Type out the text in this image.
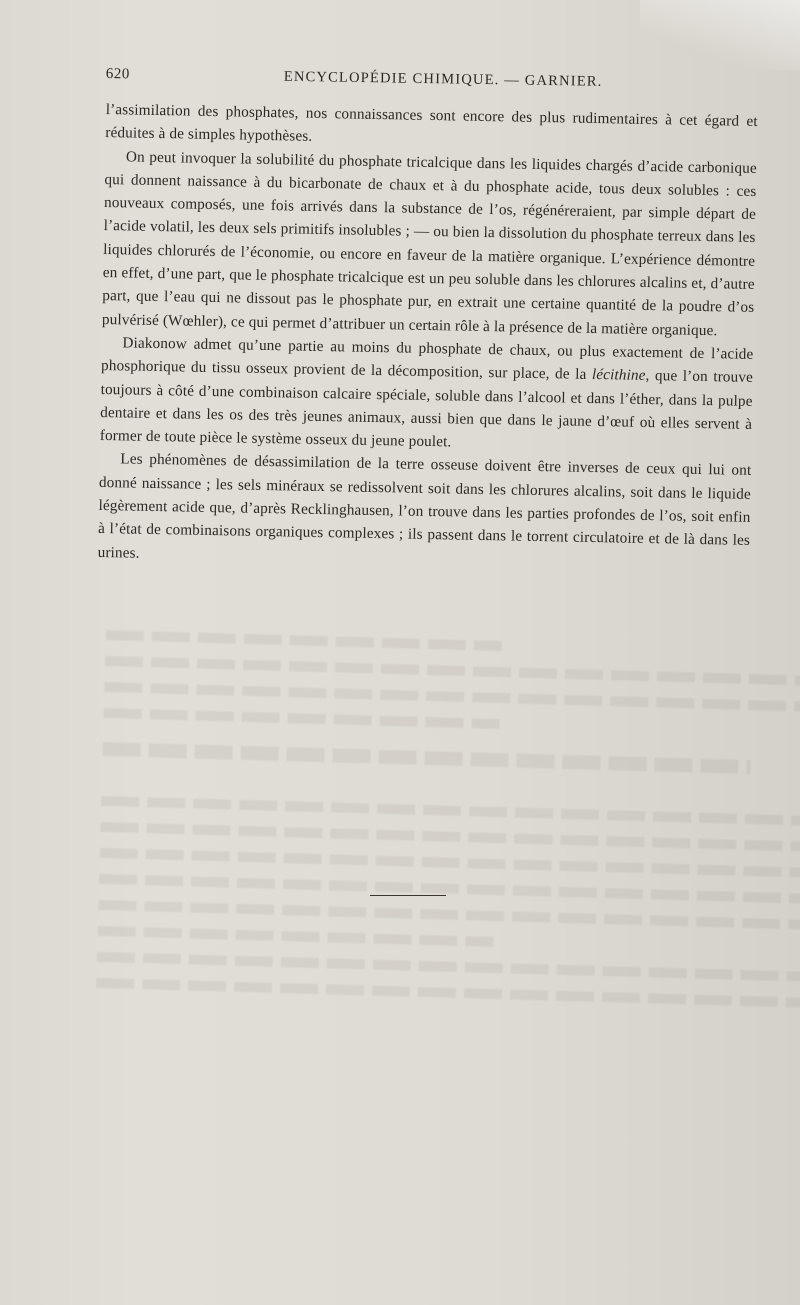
620	ENCYCLOPÉDIE CHIMIQUE. — GARNIER.

l’assimilation des phosphates, nos connaissances sont encore des plus rudimentaires à cet égard et réduites à de simples hypothèses.

On peut invoquer la solubilité du phosphate tricalcique dans les liquides chargés d’acide carbonique qui donnent naissance à du bicarbonate de chaux et à du phosphate acide, tous deux solubles : ces nouveaux composés, une fois arrivés dans la substance de l’os, régénéreraient, par simple départ de l’acide volatil, les deux sels primitifs insolubles ; — ou bien la dissolution du phosphate terreux dans les liquides chlorurés de l’économie, ou encore en faveur de la matière organique. L’expérience démontre en effet, d’une part, que le phosphate tricalcique est un peu soluble dans les chlorures alcalins et, d’autre part, que l’eau qui ne dissout pas le phosphate pur, en extrait une certaine quantité de la poudre d’os pulvérisé (Wœhler), ce qui permet d’attribuer un certain rôle à la présence de la matière organique.

Diakonow admet qu’une partie au moins du phosphate de chaux, ou plus exactement de l’acide phosphorique du tissu osseux provient de la décomposition, sur place, de la lécithine, que l’on trouve toujours à côté d’une combinaison calcaire spéciale, soluble dans l’alcool et dans l’éther, dans la pulpe dentaire et dans les os des très jeunes animaux, aussi bien que dans le jaune d’œuf où elles servent à former de toute pièce le système osseux du jeune poulet.

Les phénomènes de désassimilation de la terre osseuse doivent être inverses de ceux qui lui ont donné naissance ; les sels minéraux se redissolvent soit dans les chlorures alcalins, soit dans le liquide légèrement acide que, d’après Recklinghausen, l’on trouve dans les parties profondes de l’os, soit enfin à l’état de combinaisons organiques complexes ; ils passent dans le torrent circulatoire et de là dans les urines.
